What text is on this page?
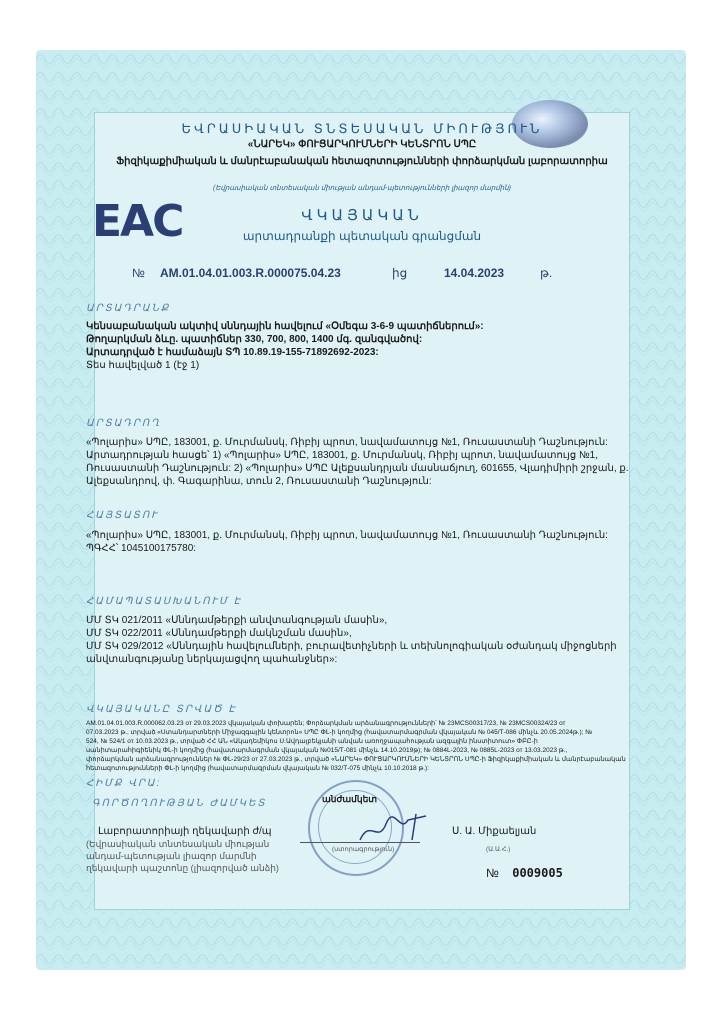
ԵՎՐԱՍԻԱԿԱՆ ՏՆՏԵՍԱԿԱՆ ՄԻՈՒԹՅՈՒՆ
«ՆԱՐԵԿ» ՓՈՒՑԱՐԿՈՒՄՆԵՐԻ ԿԵՆՏՐՈՆ ՍՊԸ
Ֆիզիկաքիմիական և մանրէաբանական հետազոտությունների փորձարկման լաբորատորիա
(Եվրասիական տնտեսական միության անդամ-պետությունների լիազոր մարմին)
EAC	ՎԿԱՅԱԿԱՆ
արտադրանքի պետական գրանցման
№ AM.01.04.01.003.R.000075.04.23	ից	14.04.2023	թ.
ԱՐՏԱԴՐԱՆՔ
Կենսաբանական ակտիվ սննդային հավելում «Օմեգա 3-6-9 պատիճներում»:
Թողարկման ձևը. պատիճներ 330, 700, 800, 1400 մգ. զանգվածով:
Արտադրված է համաձայն ՏՊ 10.89.19-155-71892692-2023:
Տես հավելված 1 (էջ 1)
ԱՐՏԱԴՐՈՂ
«Պոլարիս» ՍՊԸ, 183001, ք. Մուրմանսկ, Ռիբիյ պրոտ, նավամատույց №1, Ռուսաստանի Դաշնություն:
Արտադրության հասցե՝ 1) «Պոլարիս» ՍՊԸ, 183001, ք. Մուրմանսկ, Ռիբիյ պրոտ, նավամատույց №1,
Ռուսաստանի Դաշնություն: 2) «Պոլարիս» ՍՊԸ Ալեքսանդրյան մասնաճյուղ, 601655, Վլադիմիրի շրջան, ք.
Ալեքսանդրով, փ. Գագարինա, տուն 2, Ռուսաստանի Դաշնություն:
ՀԱՅՏԱՏՈՒ
«Պոլարիս» ՍՊԸ, 183001, ք. Մուրմանսկ, Ռիբիյ պրոտ, նավամատույց №1, Ռուսաստանի Դաշնություն:
ՊԳՀՀ՝ 1045100175780:
ՀԱՄԱՊԱՏԱՍԽԱՆՈՒՄ Է
ՄՄ ՏԿ 021/2011 «Սննդամթերքի անվտանգության մասին»,
ՄՄ ՏԿ 022/2011 «Սննդամթերքի մակնշման մասին»,
ՄՄ ՏԿ 029/2012 «Սննդային հավելումների, բուրավետիչների և տեխնոլոգիական օժանդակ միջոցների
անվտանգությանը ներկայացվող պահանջներ»:
ՎԿԱՅԱԿԱՆԸ ՏՐՎԱԾ Է
AM.01.04.01.003.R.000062.03.23 от 29.03.2023 վկայական փոխարեն; Փորձարկման արձանագրությունների՝ № 23MCS00317/23, № 23MCS00324/23 от
07.03.2023 թ., տրված «Ստանդարտների Միջազգային կենտրոն» ՍՊԸ ՓԼ-ի կողմից (հավատարմագրման վկայական № 045/Т-086 մինչև 20.05.2024թ.); №
524, № 524/1 от 10.03.2023 թ., տրված ՀՀ ԱՆ «Ակադեմիկոս Ս.Ավդալբեկյանի անվան առողջապահության ազգային ինստիտուտ» ՓԲԸ-ի
սանիտարահիգիենիկ ՓԼ-ի կողմից (հավատարմագրման վկայական №015/Т-081 մինչև 14.10.2019թ); № 0884L-2023, № 0885L-2023 от 13.03.2023 թ.,
փորձարկման արձանագրություններ № ՓԼ-29/23 от 27.03.2023 թ., տրված «ՆԱՐԵԿ» ՓՈՒՑԱՐԿՈՒՄՆԵՐԻ ԿԵՆՏՐՈՆ ՍՊԸ-ի Ֆիզիկաքիմիական և մանրէաբանական
հետազոտությունների ՓԼ-ի կողմից (հավատարմագրման վկայական № 032/Т-075 մինչև 10.10.2018 թ.):
ՀԻՄՔ ՎՐԱ:
ԳՈՐԾՈՂՈՒԹՅԱՆ ԺԱՄԿԵՏ	անժամկետ
Լաբորատորիայի ղեկավարի ժ/պ	Ս. Ա. Միքաելյան
(ստորագրություն)	(Ա.Ա.Հ.)
(Եվրասիական տնտեսական միության
անդամ-պետության լիազոր մարմնի
ղեկավարի պաշտոնը (լիազորված անձի)	№ 0009005
